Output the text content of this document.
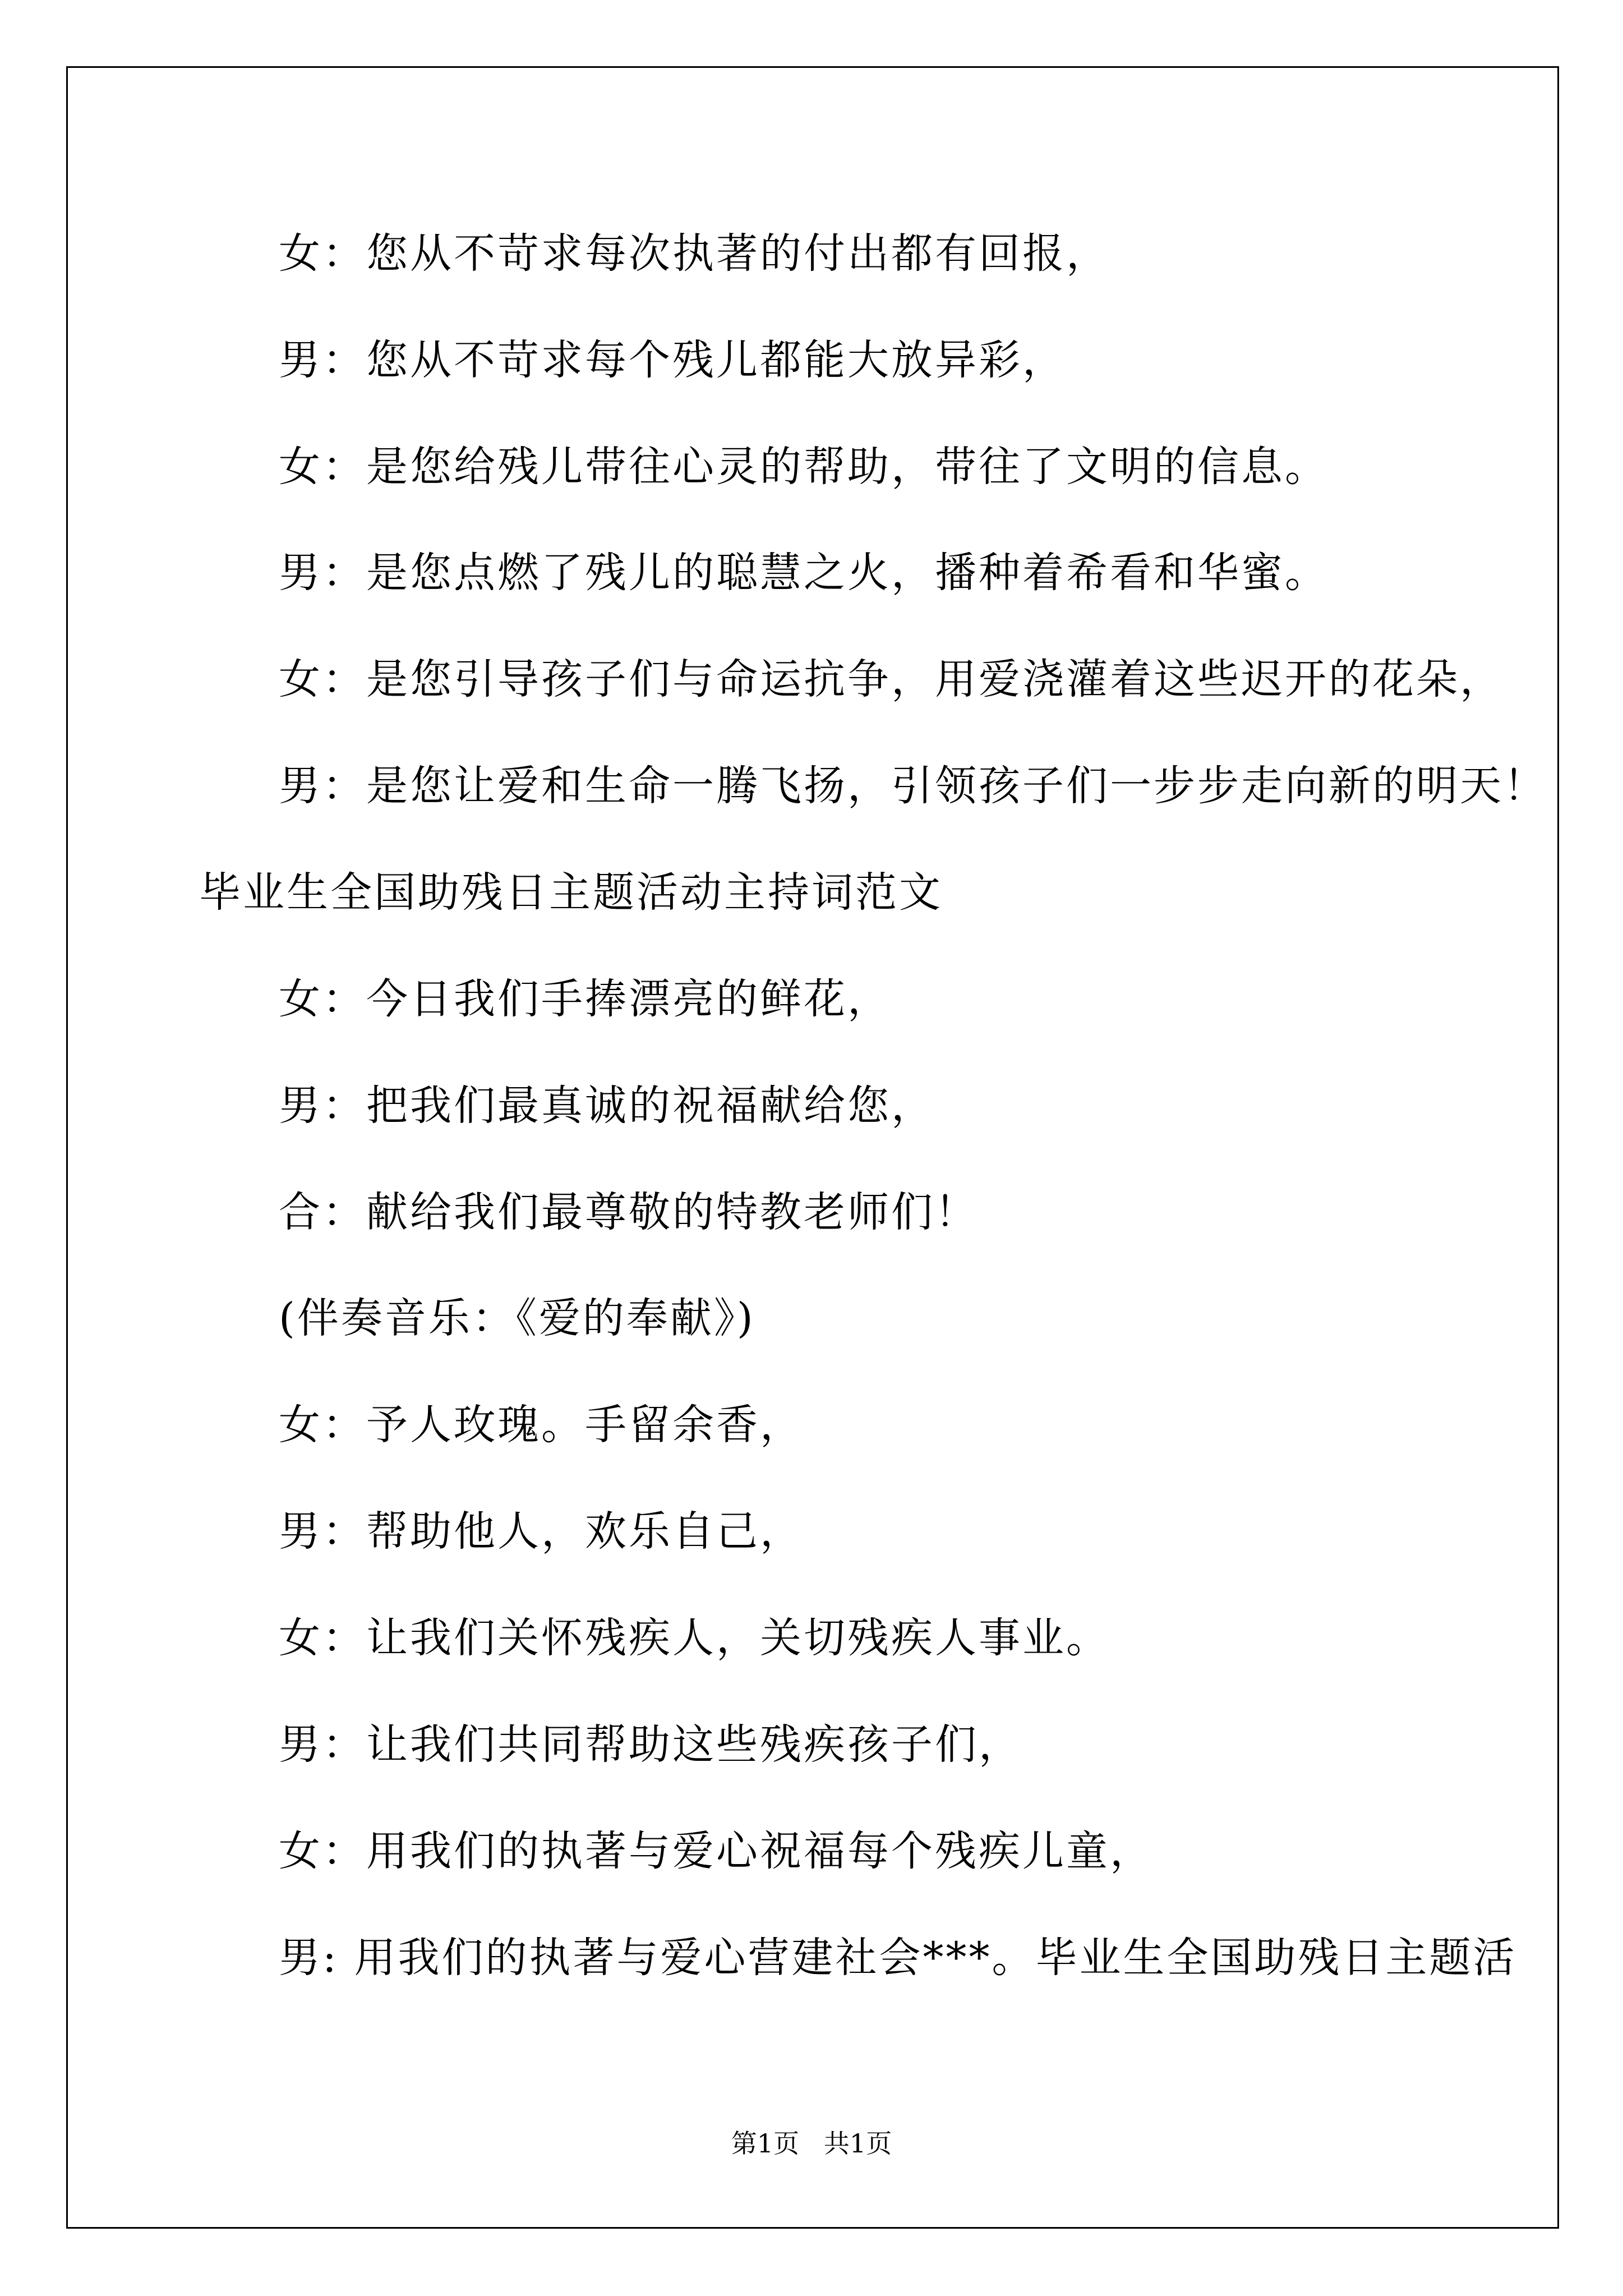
女：您从不苛求每次执著的付出都有回报，
男：您从不苛求每个残儿都能大放异彩，
女：是您给残儿带往心灵的帮助，带往了文明的信息。
男：是您点燃了残儿的聪慧之火，播种着希看和华蜜。
女：是您引导孩子们与命运抗争，用爱浇灌着这些迟开的花朵，
男：是您让爱和生命一腾飞扬，引领孩子们一步步走向新的明天！
毕业生全国助残日主题活动主持词范文
女：今日我们手捧漂亮的鲜花，
男：把我们最真诚的祝福献给您，
合：献给我们最尊敬的特教老师们！
(伴奏音乐：《爱的奉献》)
女：予人玫瑰。手留余香，
男：帮助他人，欢乐自己，
女：让我们关怀残疾人，关切残疾人事业。
男：让我们共同帮助这些残疾孩子们，
女：用我们的执著与爱心祝福每个残疾儿童，
男: 用我们的执著与爱心营建社会***。毕业生全国助残日主题活
第1页   共1页
